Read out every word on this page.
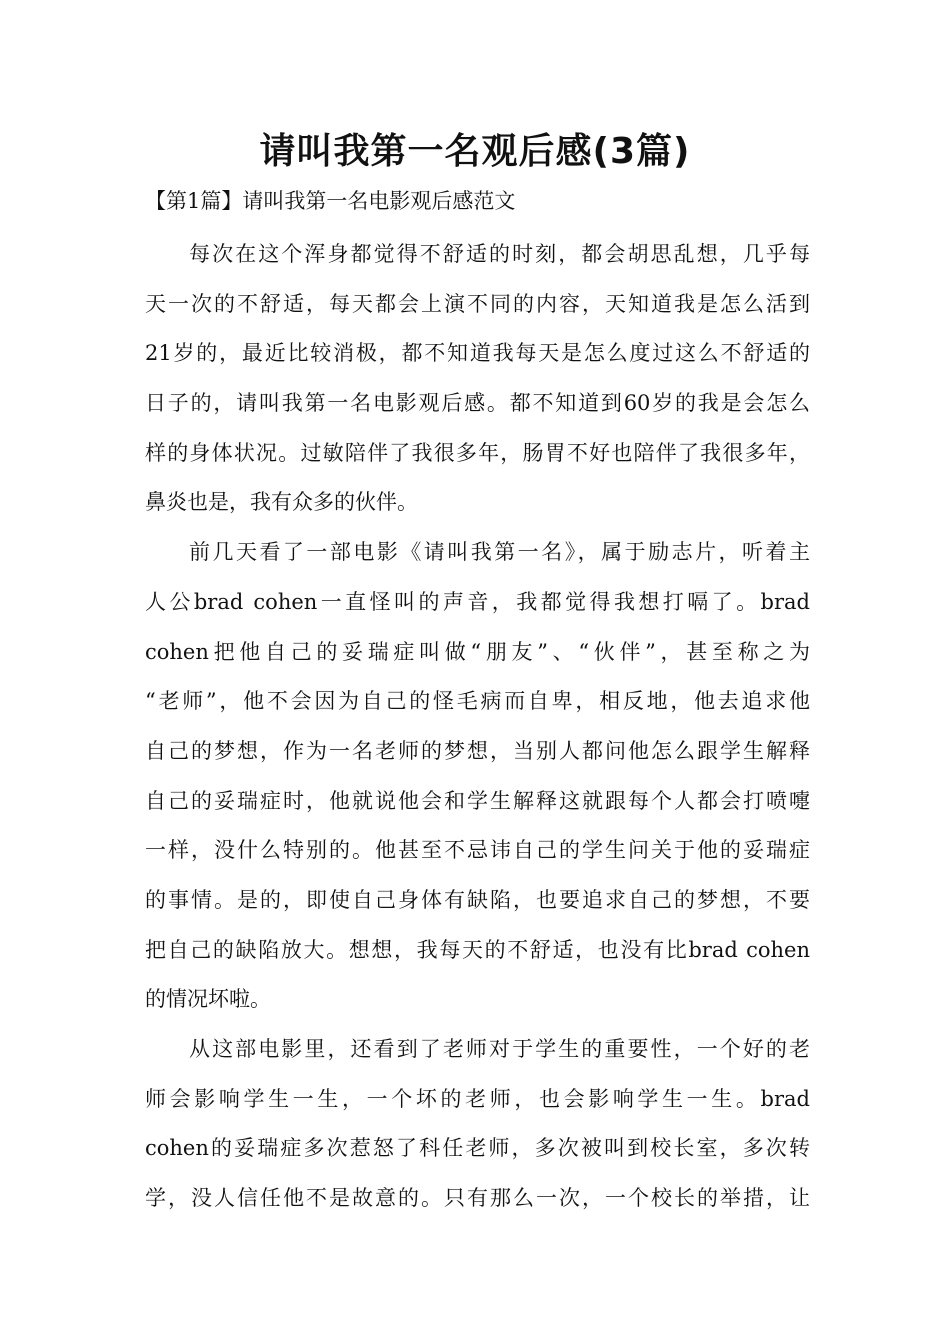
请叫我第一名观后感(3篇)
【第1篇】请叫我第一名电影观后感范文
每次在这个浑身都觉得不舒适的时刻，都会胡思乱想，几乎每
天一次的不舒适，每天都会上演不同的内容，天知道我是怎么活到
21岁的，最近比较消极，都不知道我每天是怎么度过这么不舒适的
日子的，请叫我第一名电影观后感。都不知道到60岁的我是会怎么
样的身体状况。过敏陪伴了我很多年，肠胃不好也陪伴了我很多年，
鼻炎也是，我有众多的伙伴。
前几天看了一部电影《请叫我第一名》，属于励志片，听着主
人公brad cohen一直怪叫的声音，我都觉得我想打嗝了。brad
cohen把他自己的妥瑞症叫做“朋友”、“伙伴”，甚至称之为
“老师”，他不会因为自己的怪毛病而自卑，相反地，他去追求他
自己的梦想，作为一名老师的梦想，当别人都问他怎么跟学生解释
自己的妥瑞症时，他就说他会和学生解释这就跟每个人都会打喷嚏
一样，没什么特别的。他甚至不忌讳自己的学生问关于他的妥瑞症
的事情。是的，即使自己身体有缺陷，也要追求自己的梦想，不要
把自己的缺陷放大。想想，我每天的不舒适，也没有比brad cohen
的情况坏啦。
从这部电影里，还看到了老师对于学生的重要性，一个好的老
师会影响学生一生，一个坏的老师，也会影响学生一生。brad
cohen的妥瑞症多次惹怒了科任老师，多次被叫到校长室，多次转
学，没人信任他不是故意的。只有那么一次，一个校长的举措，让
